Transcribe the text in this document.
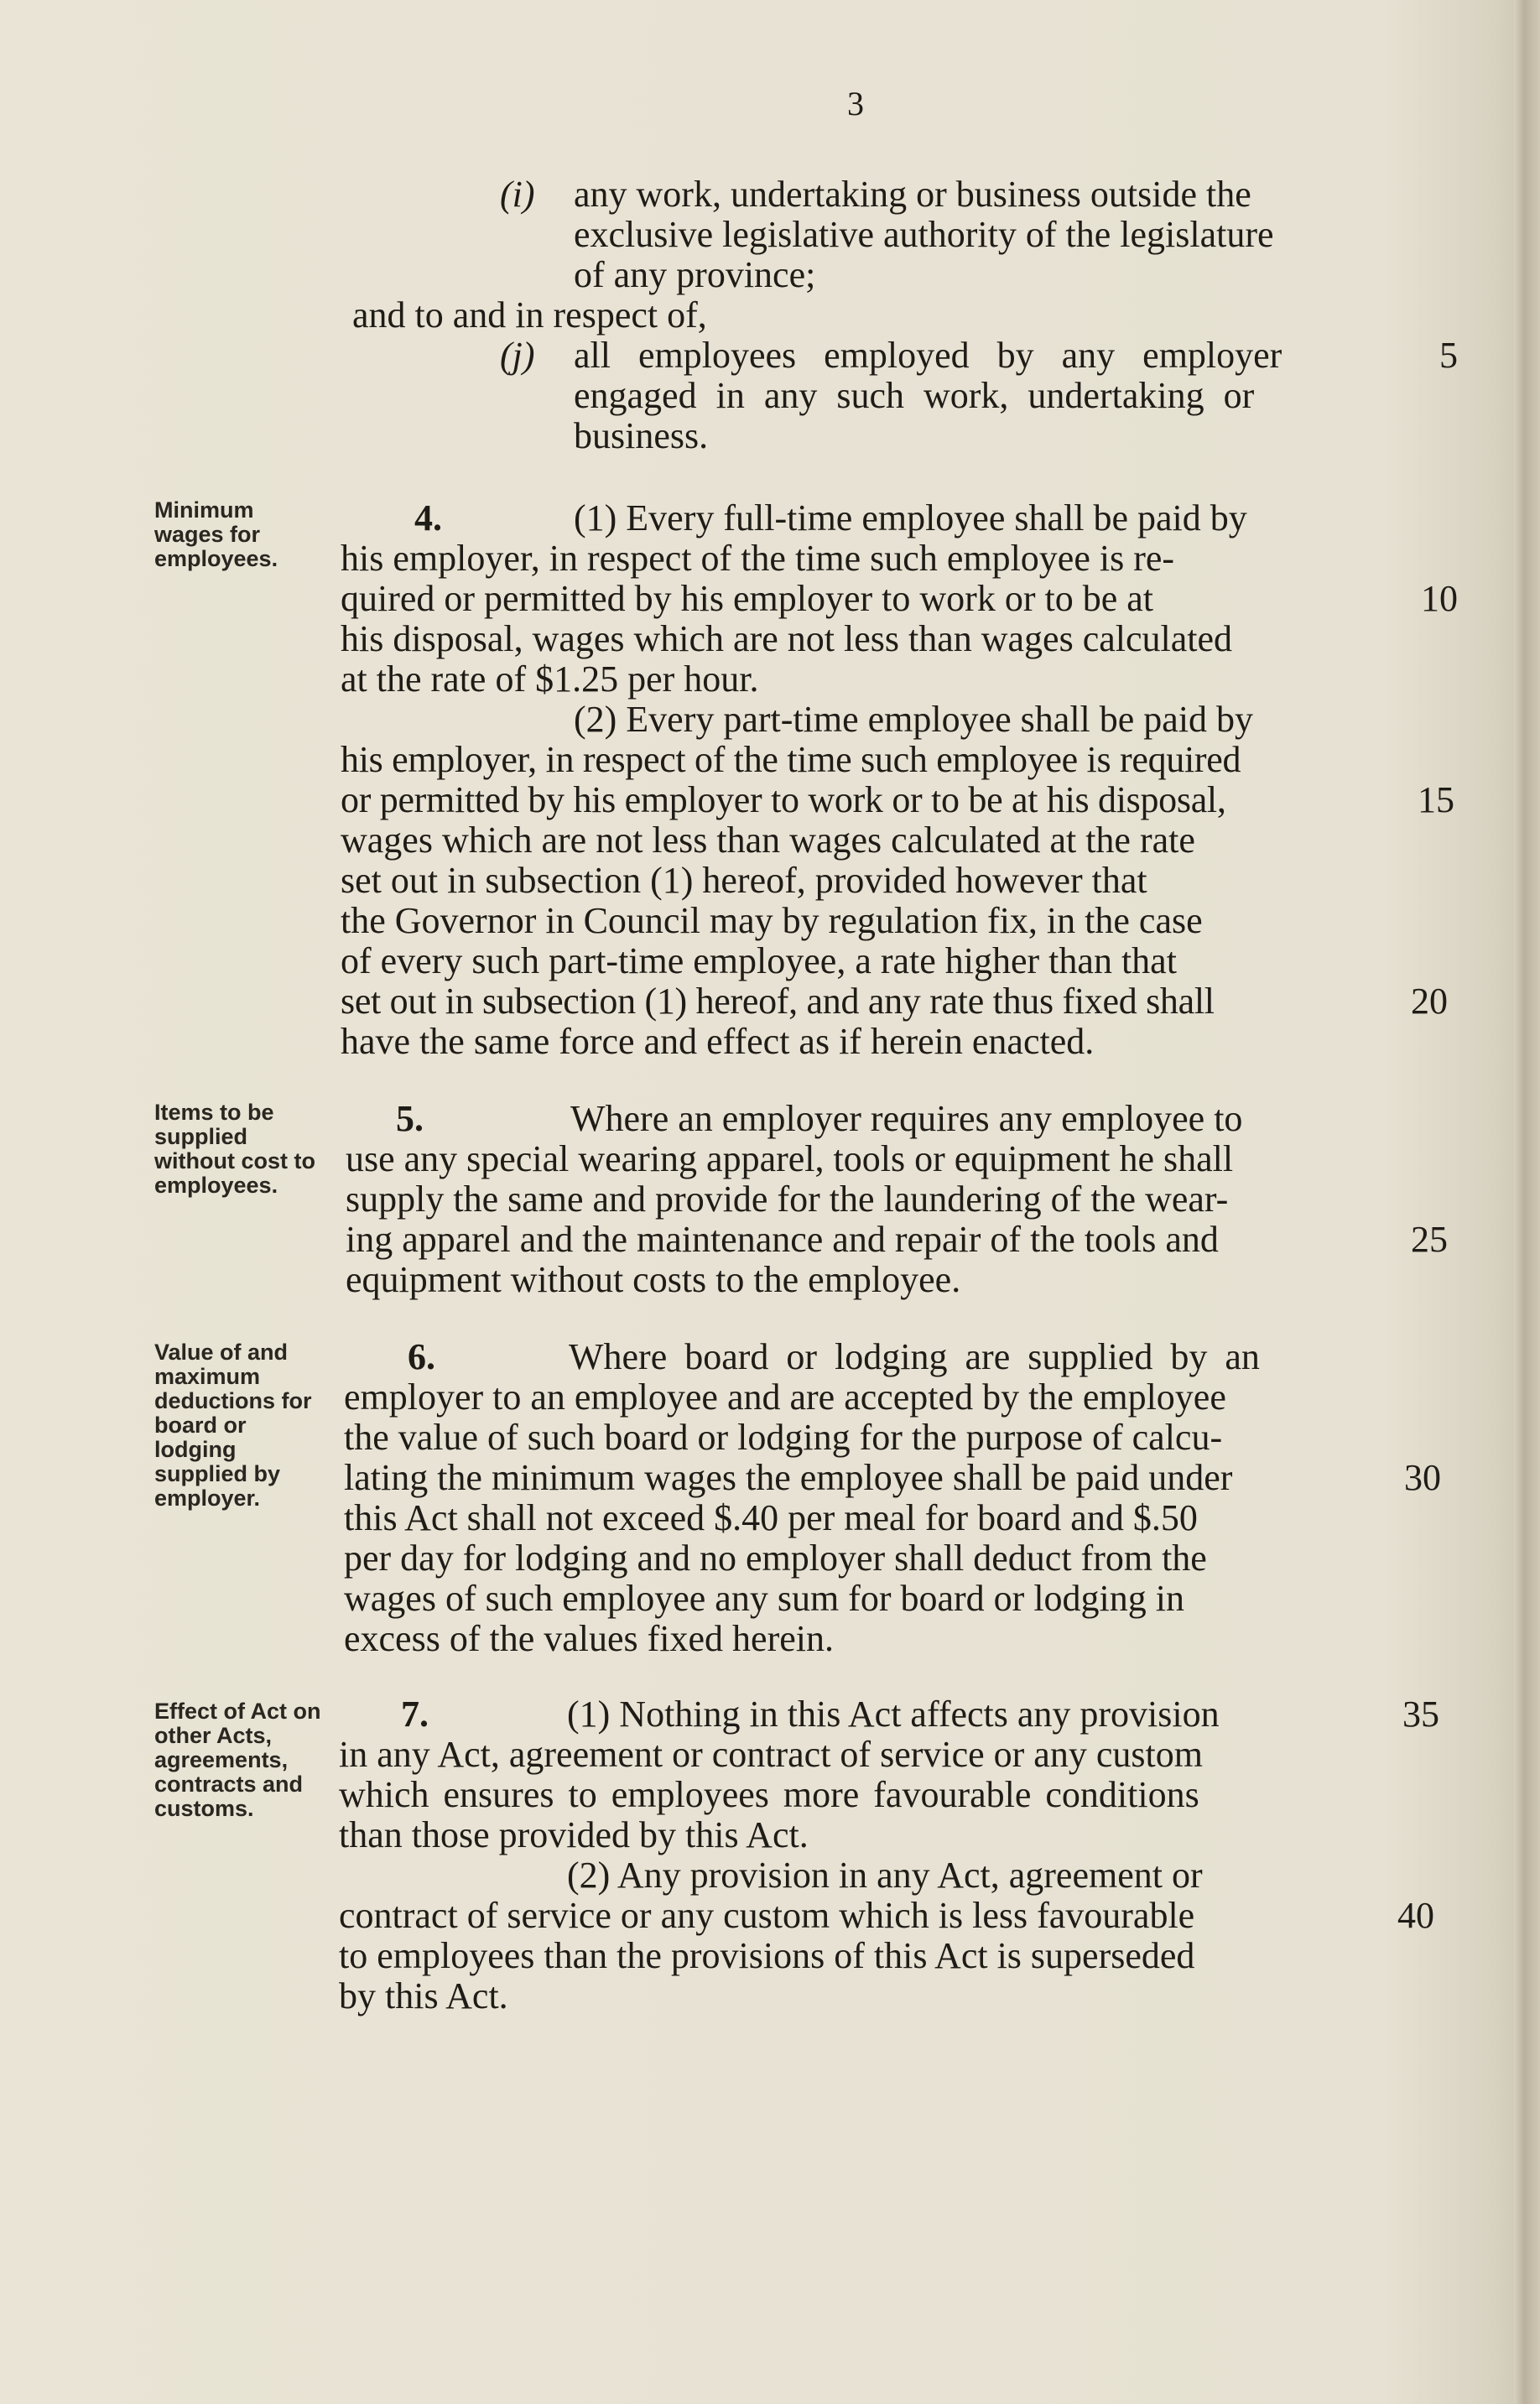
3
(i) any work, undertaking or business outside the
exclusive legislative authority of the legislature
of any province;
and to and in respect of,
(j) all employees employed by any employer
engaged in any such work, undertaking or
business.
Minimum wages for employees.
4.	(1) Every full-time employee shall be paid by
his employer, in respect of the time such employee is re-
quired or permitted by his employer to work or to be at
his disposal, wages which are not less than wages calculated
at the rate of $1.25 per hour.
(2) Every part-time employee shall be paid by
his employer, in respect of the time such employee is required
or permitted by his employer to work or to be at his disposal,
wages which are not less than wages calculated at the rate
set out in subsection (1) hereof, provided however that
the Governor in Council may by regulation fix, in the case
of every such part-time employee, a rate higher than that
set out in subsection (1) hereof, and any rate thus fixed shall
have the same force and effect as if herein enacted.
Items to be supplied without cost to employees.
5.	Where an employer requires any employee to
use any special wearing apparel, tools or equipment he shall
supply the same and provide for the laundering of the wear-
ing apparel and the maintenance and repair of the tools and
equipment without costs to the employee.
Value of and maximum deductions for board or lodging supplied by employer.
6.	Where board or lodging are supplied by an
employer to an employee and are accepted by the employee
the value of such board or lodging for the purpose of calcu-
lating the minimum wages the employee shall be paid under
this Act shall not exceed $.40 per meal for board and $.50
per day for lodging and no employer shall deduct from the
wages of such employee any sum for board or lodging in
excess of the values fixed herein.
Effect of Act on other Acts, agreements, contracts and customs.
7.	(1) Nothing in this Act affects any provision
in any Act, agreement or contract of service or any custom
which ensures to employees more favourable conditions
than those provided by this Act.
(2) Any provision in any Act, agreement or
contract of service or any custom which is less favourable
to employees than the provisions of this Act is superseded
by this Act.
5
10
15
20
25
30
35
40
